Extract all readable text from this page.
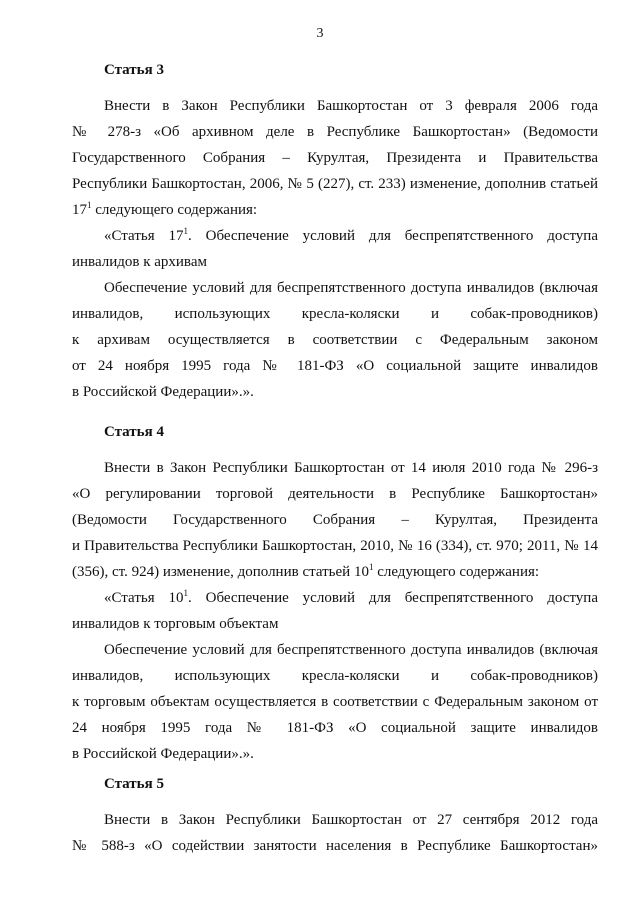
3
Статья 3
Внести в Закон Республики Башкортостан от 3 февраля 2006 года
№ 278-з «Об архивном деле в Республике Башкортостан» (Ведомости
Государственного Собрания – Курултая, Президента и Правительства
Республики Башкортостан, 2006, № 5 (227), ст. 233) изменение, дополнив статьей
$17^1$ следующего содержания:
«Статья $17^1$. Обеспечение условий для беспрепятственного доступа
инвалидов к архивам
Обеспечение условий для беспрепятственного доступа инвалидов (включая
инвалидов, использующих кресла-коляски и собак-проводников)
к архивам осуществляется в соответствии с Федеральным законом
от 24 ноября 1995 года № 181-ФЗ «О социальной защите инвалидов
в Российской Федерации».».
Статья 4
Внести в Закон Республики Башкортостан от 14 июля 2010 года № 296-з
«О регулировании торговой деятельности в Республике Башкортостан»
(Ведомости Государственного Собрания – Курултая, Президента
и Правительства Республики Башкортостан, 2010, № 16 (334), ст. 970; 2011, № 14
(356), ст. 924) изменение, дополнив статьей $10^1$ следующего содержания:
«Статья $10^1$. Обеспечение условий для беспрепятственного доступа
инвалидов к торговым объектам
Обеспечение условий для беспрепятственного доступа инвалидов (включая
инвалидов, использующих кресла-коляски и собак-проводников)
к торговым объектам осуществляется в соответствии с Федеральным законом от
24 ноября 1995 года № 181-ФЗ «О социальной защите инвалидов
в Российской Федерации».».
Статья 5
Внести в Закон Республики Башкортостан от 27 сентября 2012 года
№ 588-з «О содействии занятости населения в Республике Башкортостан»
